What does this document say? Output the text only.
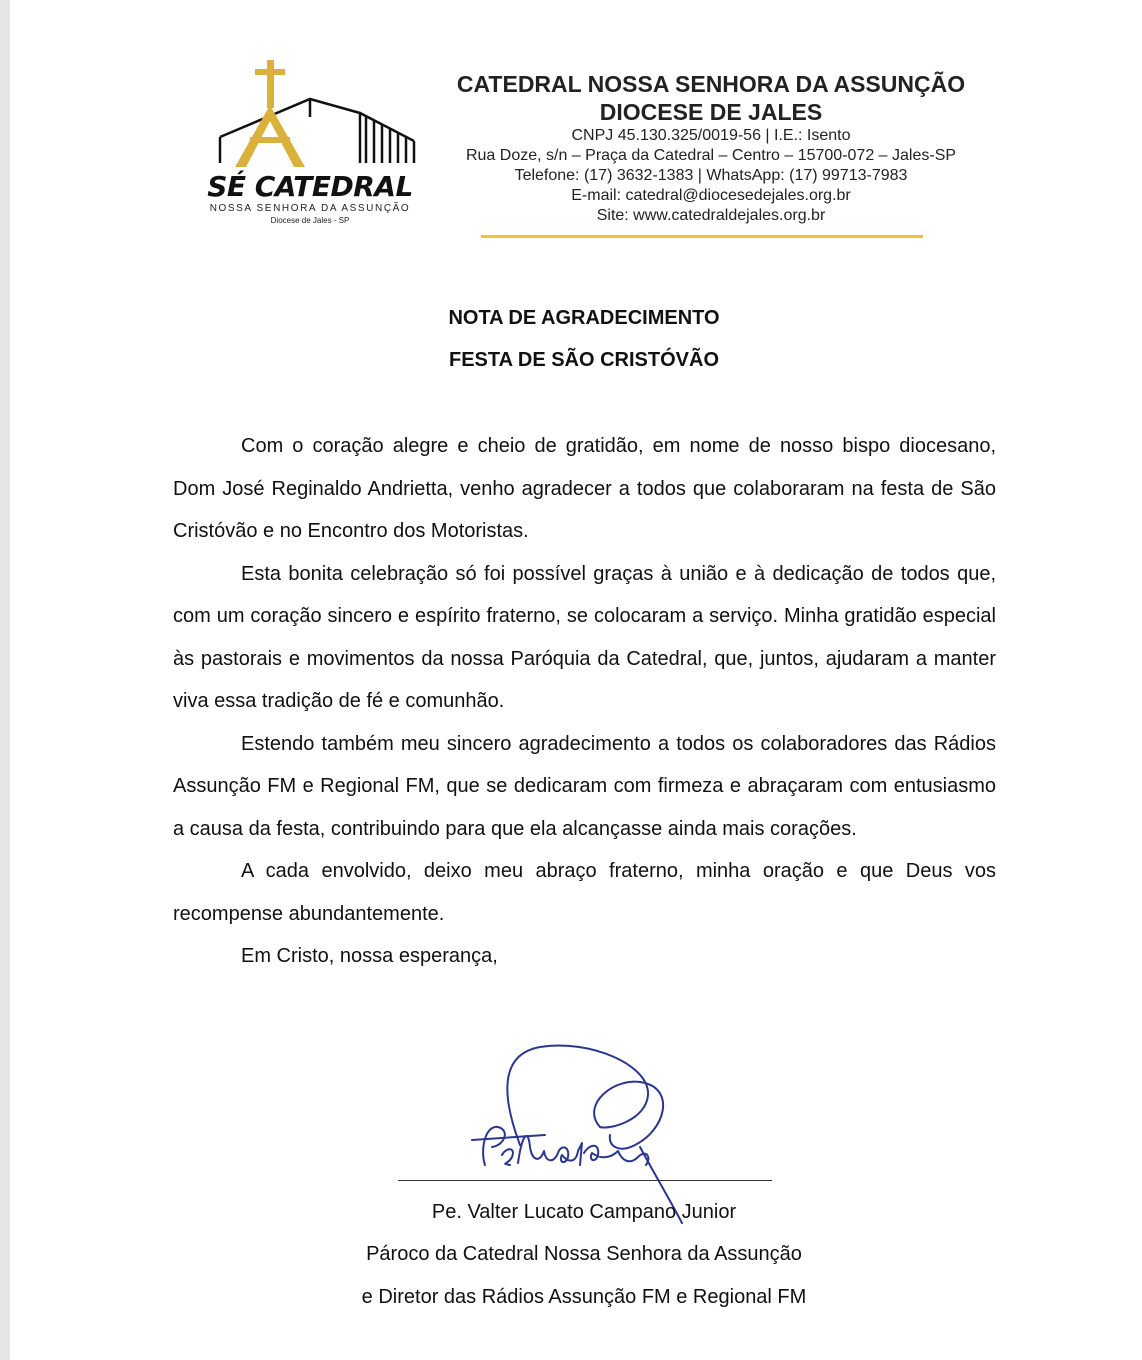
SÉ CATEDRAL
NOSSA SENHORA DA ASSUNÇÃO
Diocese de Jales - SP
CATEDRAL NOSSA SENHORA DA ASSUNÇÃO
DIOCESE DE JALES
CNPJ 45.130.325/0019-56 | I.E.: Isento
Rua Doze, s/n – Praça da Catedral – Centro – 15700-072 – Jales-SP
Telefone: (17) 3632-1383 | WhatsApp: (17) 99713-7983
E-mail: catedral@diocesedejales.org.br
Site: www.catedraldejales.org.br
NOTA DE AGRADECIMENTO
FESTA DE SÃO CRISTÓVÃO

Com o coração alegre e cheio de gratidão, em nome de nosso bispo diocesano, Dom José Reginaldo Andrietta, venho agradecer a todos que colaboraram na festa de São Cristóvão e no Encontro dos Motoristas.

Esta bonita celebração só foi possível graças à união e à dedicação de todos que, com um coração sincero e espírito fraterno, se colocaram a serviço. Minha gratidão especial às pastorais e movimentos da nossa Paróquia da Catedral, que, juntos, ajudaram a manter viva essa tradição de fé e comunhão.

Estendo também meu sincero agradecimento a todos os colaboradores das Rádios Assunção FM e Regional FM, que se dedicaram com firmeza e abraçaram com entusiasmo a causa da festa, contribuindo para que ela alcançasse ainda mais corações.

A cada envolvido, deixo meu abraço fraterno, minha oração e que Deus vos recompense abundantemente.

Em Cristo, nossa esperança,

Pe. Valter Lucato Campano Junior
Pároco da Catedral Nossa Senhora da Assunção
e Diretor das Rádios Assunção FM e Regional FM
